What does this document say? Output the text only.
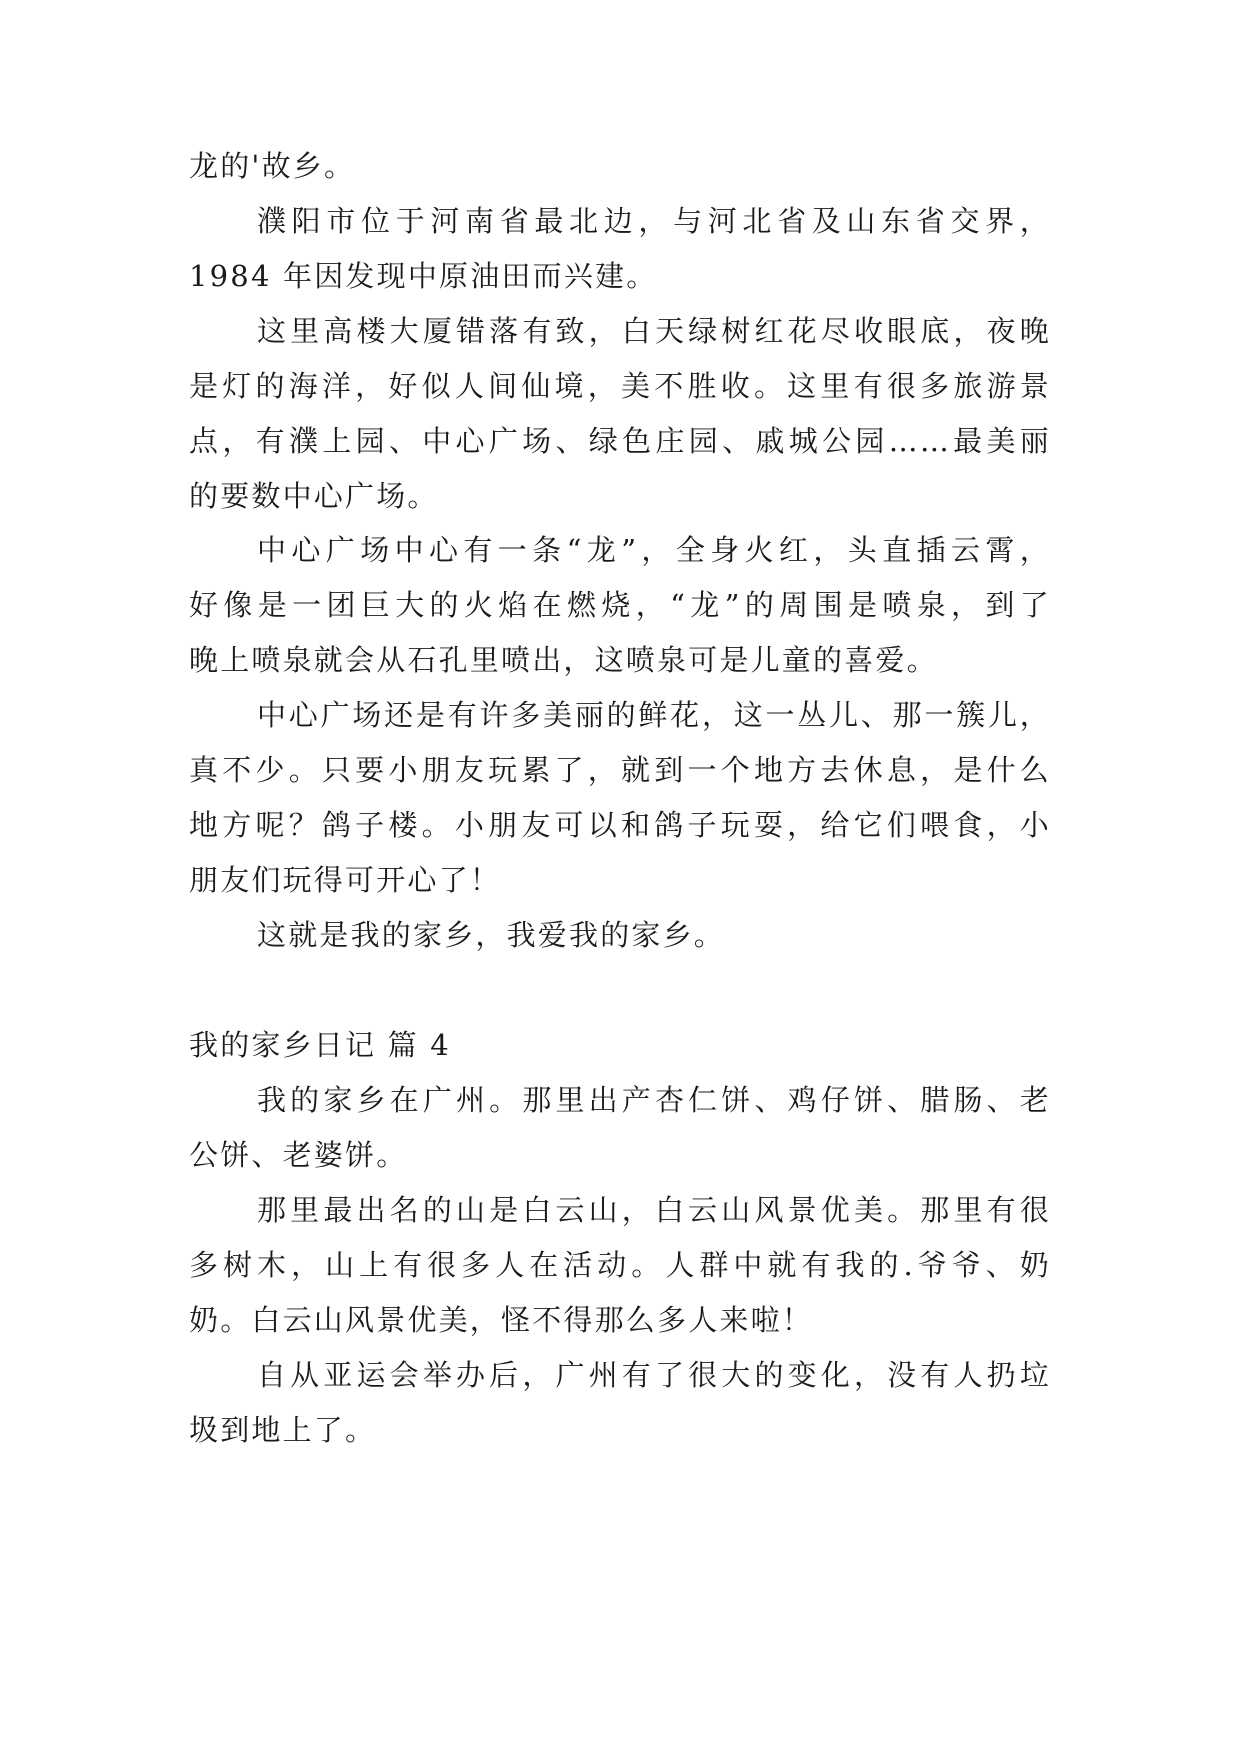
龙的'故乡。
濮阳市位于河南省最北边，与河北省及山东省交界，
1984 年因发现中原油田而兴建。
这里高楼大厦错落有致，白天绿树红花尽收眼底，夜晚
是灯的海洋，好似人间仙境，美不胜收。这里有很多旅游景
点，有濮上园、中心广场、绿色庄园、戚城公园……最美丽
的要数中心广场。
中心广场中心有一条“龙”，全身火红，头直插云霄，
好像是一团巨大的火焰在燃烧，“龙”的周围是喷泉，到了
晚上喷泉就会从石孔里喷出，这喷泉可是儿童的喜爱。
中心广场还是有许多美丽的鲜花，这一丛儿、那一簇儿，
真不少。只要小朋友玩累了，就到一个地方去休息，是什么
地方呢？鸽子楼。小朋友可以和鸽子玩耍，给它们喂食，小
朋友们玩得可开心了！
这就是我的家乡，我爱我的家乡。
我的家乡日记 篇 4
我的家乡在广州。那里出产杏仁饼、鸡仔饼、腊肠、老
公饼、老婆饼。
那里最出名的山是白云山，白云山风景优美。那里有很
多树木，山上有很多人在活动。人群中就有我的.爷爷、奶
奶。白云山风景优美，怪不得那么多人来啦！
自从亚运会举办后，广州有了很大的变化，没有人扔垃
圾到地上了。
